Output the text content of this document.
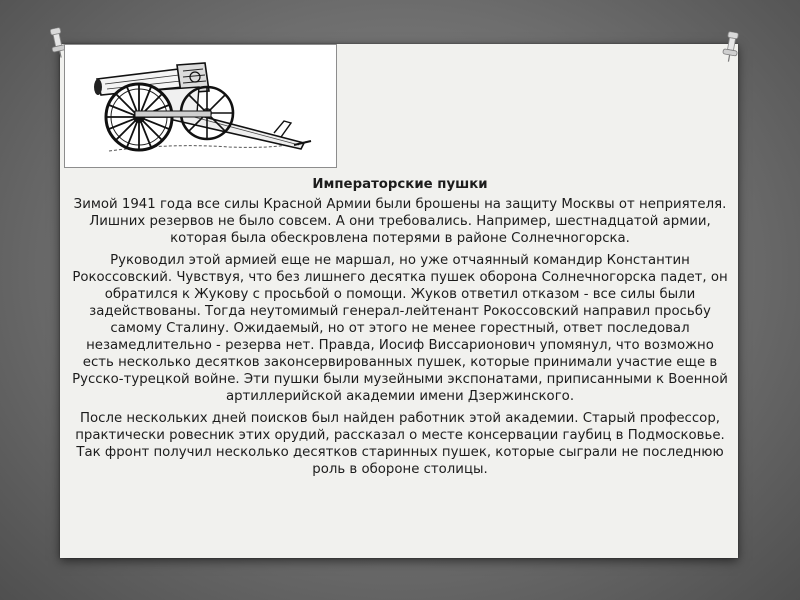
Императорские пушки

Зимой 1941 года все силы Красной Армии были брошены на защиту Москвы от неприятеля. Лишних резервов не было совсем. А они требовались. Например, шестнадцатой армии, которая была обескровлена потерями в районе Солнечногорска.

Руководил этой армией еще не маршал, но уже отчаянный командир Константин Рокоссовский. Чувствуя, что без лишнего десятка пушек оборона Солнечногорска падет, он обратился к Жукову с просьбой о помощи. Жуков ответил отказом - все силы были задействованы. Тогда неутомимый генерал-лейтенант Рокоссовский направил просьбу самому Сталину. Ожидаемый, но от этого не менее горестный, ответ последовал незамедлительно - резерва нет. Правда, Иосиф Виссарионович упомянул, что возможно есть несколько десятков законсервированных пушек, которые принимали участие еще в Русско-турецкой войне. Эти пушки были музейными экспонатами, приписанными к Военной артиллерийской академии имени Дзержинского.

После нескольких дней поисков был найден работник этой академии. Старый профессор, практически ровесник этих орудий, рассказал о месте консервации гаубиц в Подмосковье. Так фронт получил несколько десятков старинных пушек, которые сыграли не последнюю роль в обороне столицы.
